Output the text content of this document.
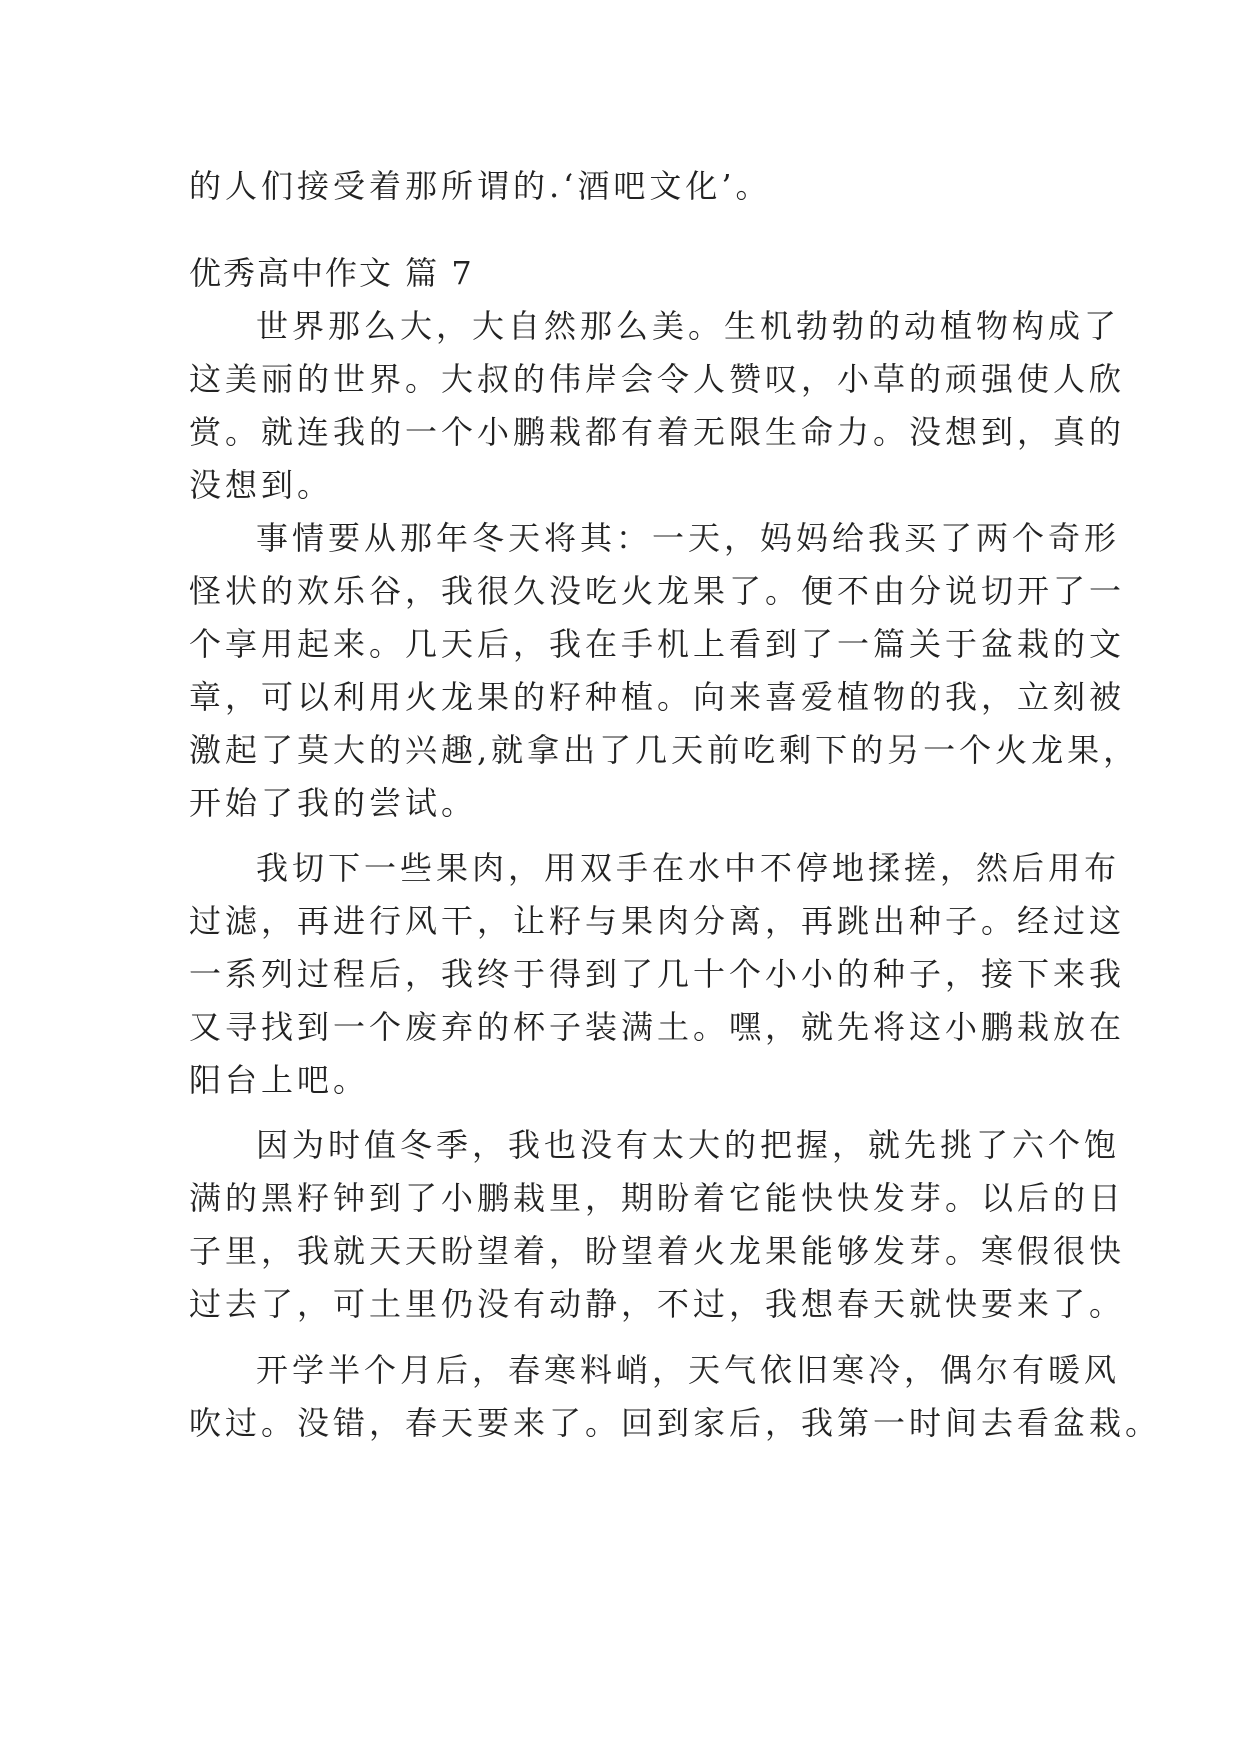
的人们接受着那所谓的.‘酒吧文化’。
优秀高中作文 篇 7
世界那么大，大自然那么美。生机勃勃的动植物构成了
这美丽的世界。大叔的伟岸会令人赞叹，小草的顽强使人欣
赏。就连我的一个小鹏栽都有着无限生命力。没想到，真的
没想到。
事情要从那年冬天将其：一天，妈妈给我买了两个奇形
怪状的欢乐谷，我很久没吃火龙果了。便不由分说切开了一
个享用起来。几天后，我在手机上看到了一篇关于盆栽的文
章，可以利用火龙果的籽种植。向来喜爱植物的我，立刻被
激起了莫大的兴趣,就拿出了几天前吃剩下的另一个火龙果，
开始了我的尝试。
我切下一些果肉，用双手在水中不停地揉搓，然后用布
过滤，再进行风干，让籽与果肉分离，再跳出种子。经过这
一系列过程后，我终于得到了几十个小小的种子，接下来我
又寻找到一个废弃的杯子装满土。嘿，就先将这小鹏栽放在
阳台上吧。
因为时值冬季，我也没有太大的把握，就先挑了六个饱
满的黑籽钟到了小鹏栽里，期盼着它能快快发芽。以后的日
子里，我就天天盼望着，盼望着火龙果能够发芽。寒假很快
过去了，可土里仍没有动静，不过，我想春天就快要来了。
开学半个月后，春寒料峭，天气依旧寒冷，偶尔有暖风
吹过。没错，春天要来了。回到家后，我第一时间去看盆栽。
